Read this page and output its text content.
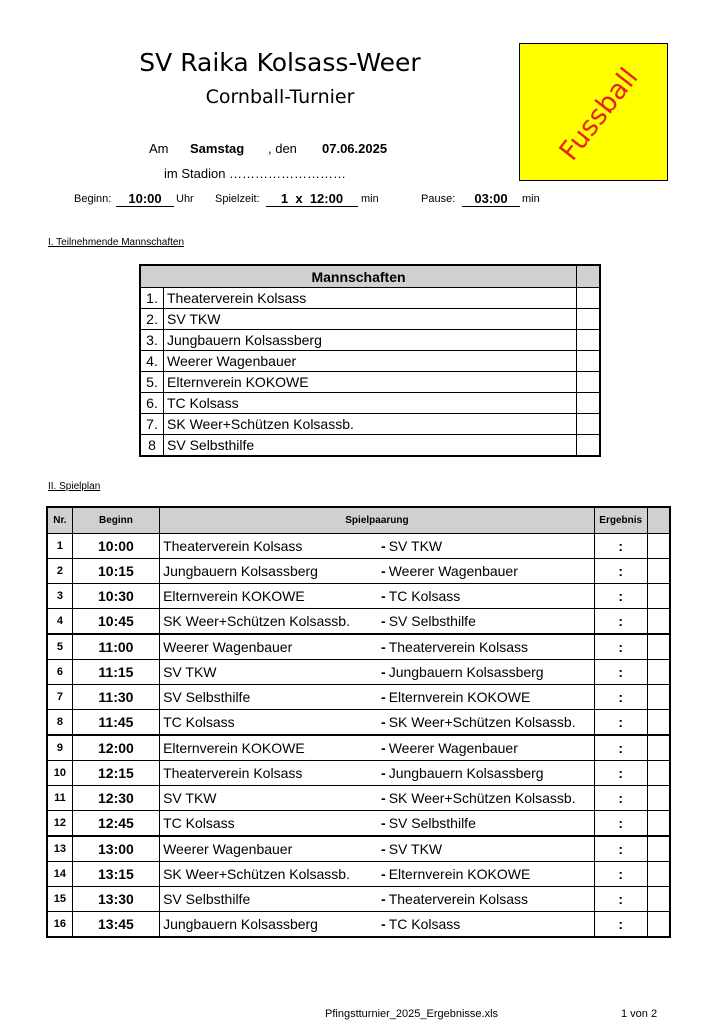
SV Raika Kolsass-Weer
Cornball-Turnier	Fussball
Am Samstag , den 07.06.2025
im Stadion ………………………
Beginn:	10:00	Uhr Spielzeit:	1  x  12:00	min	Pause:	03:00	min
I. Teilnehmende Mannschaften
Mannschaften		
1.	Theaterverein Kolsass	
2.	SV TKW	
3.	Jungbauern Kolsassberg	
4.	Weerer Wagenbauer	
5.	Elternverein KOKOWE	
6.	TC Kolsass	
7.	SK Weer+Schützen Kolsassb.	
8	SV Selbsthilfe	
II. Spielplan
Nr.	Beginn	Spielpaarung			Ergebnis	
1	10:00	Theaterverein Kolsass	-	SV TKW	:	
2	10:15	Jungbauern Kolsassberg	-	Weerer Wagenbauer	:	
3	10:30	Elternverein KOKOWE	-	TC Kolsass	:	
4	10:45	SK Weer+Schützen Kolsassb.	-	SV Selbsthilfe	:	
5	11:00	Weerer Wagenbauer	-	Theaterverein Kolsass	:	
6	11:15	SV TKW	-	Jungbauern Kolsassberg	:	
7	11:30	SV Selbsthilfe	-	Elternverein KOKOWE	:	
8	11:45	TC Kolsass	-	SK Weer+Schützen Kolsassb.	:	
9	12:00	Elternverein KOKOWE	-	Weerer Wagenbauer	:	
10	12:15	Theaterverein Kolsass	-	Jungbauern Kolsassberg	:	
11	12:30	SV TKW	-	SK Weer+Schützen Kolsassb.	:	
12	12:45	TC Kolsass	-	SV Selbsthilfe	:	
13	13:00	Weerer Wagenbauer	-	SV TKW	:	
14	13:15	SK Weer+Schützen Kolsassb.	-	Elternverein KOKOWE	:	
15	13:30	SV Selbsthilfe	-	Theaterverein Kolsass	:	
16	13:45	Jungbauern Kolsassberg	-	TC Kolsass	:	
Pfingstturnier_2025_Ergebnisse.xls	1 von 2
